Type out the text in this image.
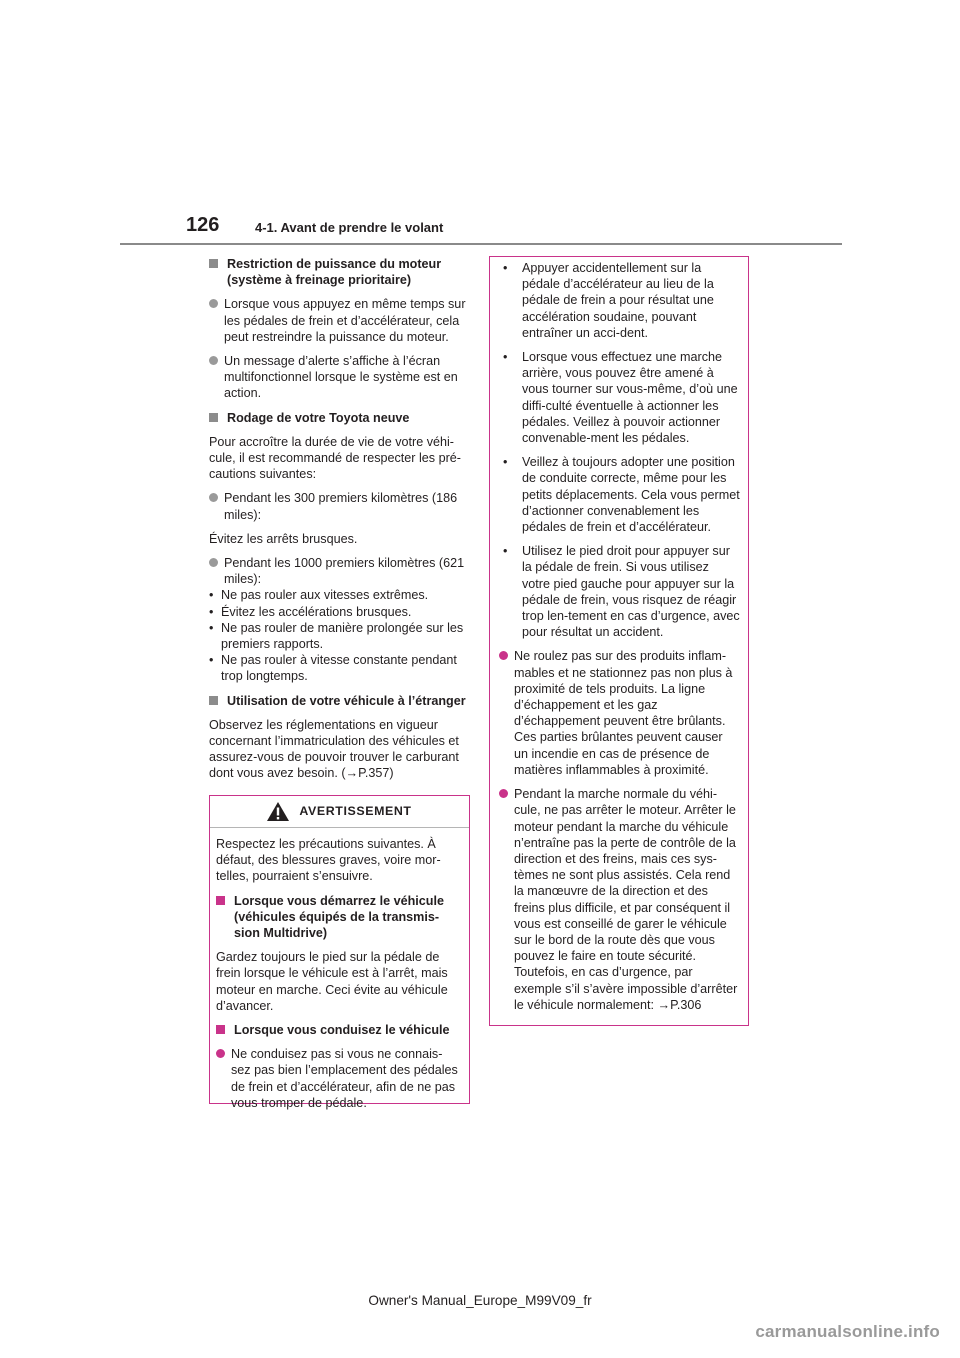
126	4-1. Avant de prendre le volant
Restriction de puissance du moteur (système à freinage prioritaire)
Lorsque vous appuyez en même temps sur les pédales de frein et d’accélérateur, cela peut restreindre la puissance du moteur.
Un message d’alerte s’affiche à l’écran multifonctionnel lorsque le système est en action.
Rodage de votre Toyota neuve
Pour accroître la durée de vie de votre véhi-cule, il est recommandé de respecter les pré-cautions suivantes:
Pendant les 300 premiers kilomètres (186 miles):
Évitez les arrêts brusques.
Pendant les 1000 premiers kilomètres (621 miles):
• Ne pas rouler aux vitesses extrêmes.
• Évitez les accélérations brusques.
• Ne pas rouler de manière prolongée sur les premiers rapports.
• Ne pas rouler à vitesse constante pendant trop longtemps.
Utilisation de votre véhicule à l’étranger
Observez les réglementations en vigueur concernant l’immatriculation des véhicules et assurez-vous de pouvoir trouver le carburant dont vous avez besoin. (→P.357)
AVERTISSEMENT
Respectez les précautions suivantes. À défaut, des blessures graves, voire mor-telles, pourraient s’ensuivre.
Lorsque vous démarrez le véhicule (véhicules équipés de la transmis-sion Multidrive)
Gardez toujours le pied sur la pédale de frein lorsque le véhicule est à l’arrêt, mais moteur en marche. Ceci évite au véhicule d’avancer.
Lorsque vous conduisez le véhicule
Ne conduisez pas si vous ne connais-sez pas bien l’emplacement des pédales de frein et d’accélérateur, afin de ne pas vous tromper de pédale.
• Appuyer accidentellement sur la pédale d’accélérateur au lieu de la pédale de frein a pour résultat une accélération soudaine, pouvant entraîner un acci-dent.
• Lorsque vous effectuez une marche arrière, vous pouvez être amené à vous tourner sur vous-même, d’où une diffi-culté éventuelle à actionner les pédales. Veillez à pouvoir actionner convenable-ment les pédales.
• Veillez à toujours adopter une position de conduite correcte, même pour les petits déplacements. Cela vous permet d’actionner convenablement les pédales de frein et d’accélérateur.
• Utilisez le pied droit pour appuyer sur la pédale de frein. Si vous utilisez votre pied gauche pour appuyer sur la pédale de frein, vous risquez de réagir trop len-tement en cas d’urgence, avec pour résultat un accident.
Ne roulez pas sur des produits inflam-mables et ne stationnez pas non plus à proximité de tels produits. La ligne d’échappement et les gaz d’échappement peuvent être brûlants. Ces parties brûlantes peuvent causer un incendie en cas de présence de matières inflammables à proximité.
Pendant la marche normale du véhi-cule, ne pas arrêter le moteur. Arrêter le moteur pendant la marche du véhicule n’entraîne pas la perte de contrôle de la direction et des freins, mais ces sys-tèmes ne sont plus assistés. Cela rend la manœuvre de la direction et des freins plus difficile, et par conséquent il vous est conseillé de garer le véhicule sur le bord de la route dès que vous pouvez le faire en toute sécurité. Toutefois, en cas d’urgence, par exemple s’il s’avère impossible d’arrêter le véhicule normalement: →P.306
Owner's Manual_Europe_M99V09_fr
carmanualsonline.info
